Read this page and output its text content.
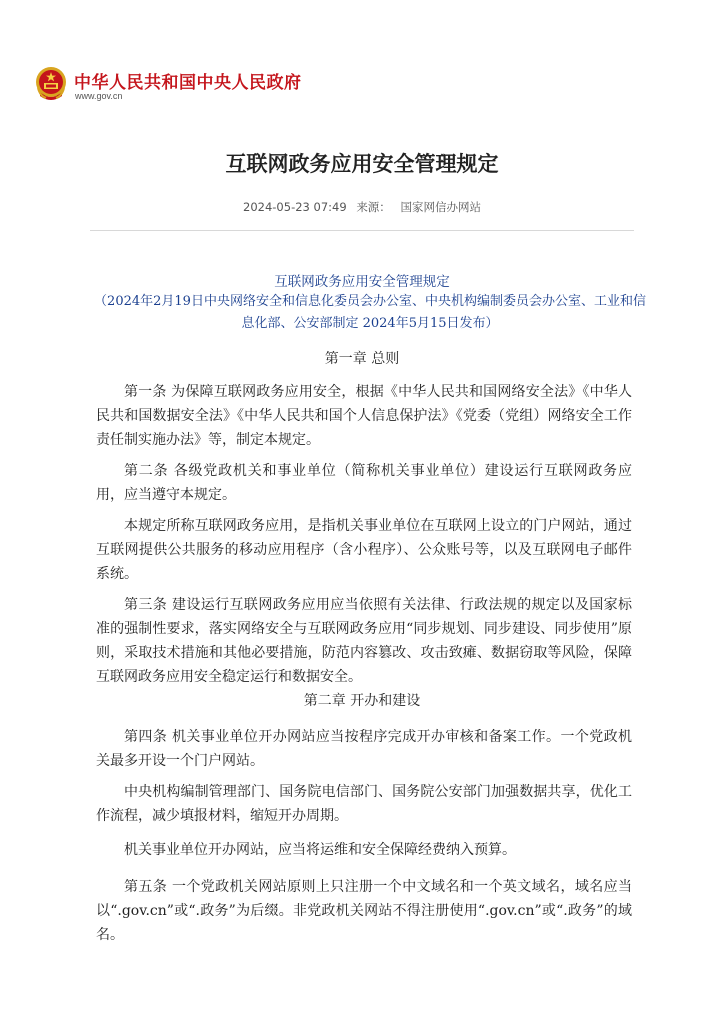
中华人民共和国中央人民政府
www.gov.cn
互联网政务应用安全管理规定
2024-05-23 07:49 来源： 国家网信办网站
互联网政务应用安全管理规定
（2024年2月19日中央网络安全和信息化委员会办公室、中央机构编制委员会办公室、工业和信息化部、公安部制定 2024年5月15日发布）
第一章 总则

第一条 为保障互联网政务应用安全，根据《中华人民共和国网络安全法》《中华人民共和国数据安全法》《中华人民共和国个人信息保护法》《党委（党组）网络安全工作责任制实施办法》等，制定本规定。

第二条 各级党政机关和事业单位（简称机关事业单位）建设运行互联网政务应用，应当遵守本规定。

本规定所称互联网政务应用，是指机关事业单位在互联网上设立的门户网站，通过互联网提供公共服务的移动应用程序（含小程序）、公众账号等，以及互联网电子邮件系统。

第三条 建设运行互联网政务应用应当依照有关法律、行政法规的规定以及国家标准的强制性要求，落实网络安全与互联网政务应用“同步规划、同步建设、同步使用”原则，采取技术措施和其他必要措施，防范内容篡改、攻击致瘫、数据窃取等风险，保障互联网政务应用安全稳定运行和数据安全。

第二章 开办和建设

第四条 机关事业单位开办网站应当按程序完成开办审核和备案工作。一个党政机关最多开设一个门户网站。

中央机构编制管理部门、国务院电信部门、国务院公安部门加强数据共享，优化工作流程，减少填报材料，缩短开办周期。

机关事业单位开办网站，应当将运维和安全保障经费纳入预算。

第五条 一个党政机关网站原则上只注册一个中文域名和一个英文域名，域名应当以“.gov.cn”或“.政务”为后缀。非党政机关网站不得注册使用“.gov.cn”或“.政务”的域名。
